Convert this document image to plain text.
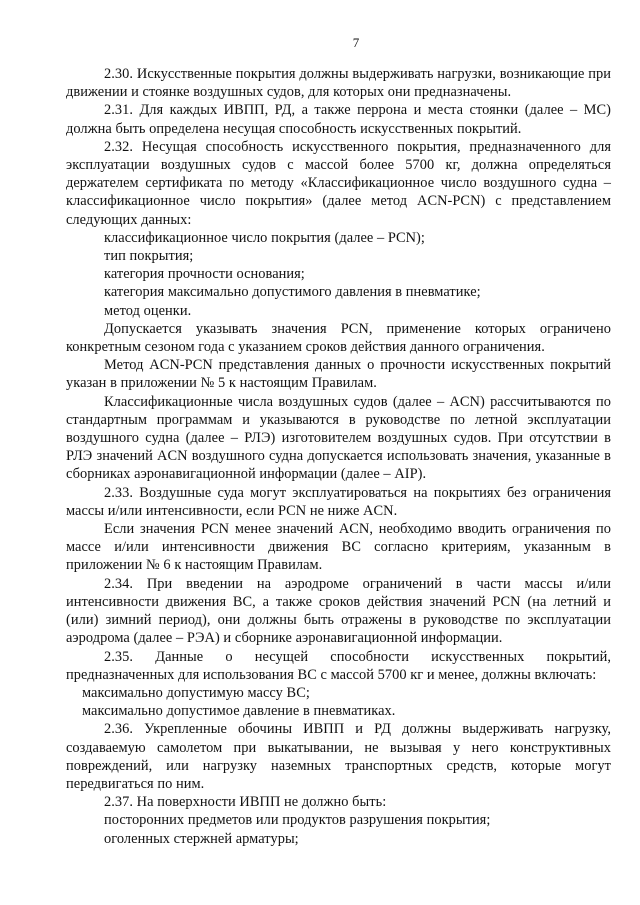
7

2.30. Искусственные покрытия должны выдерживать нагрузки, возникающие при движении и стоянке воздушных судов, для которых они предназначены.

2.31. Для каждых ИВПП, РД, а также перрона и места стоянки (далее – МС) должна быть определена несущая способность искусственных покрытий.

2.32. Несущая способность искусственного покрытия, предназначенного для эксплуатации воздушных судов с массой более 5700 кг, должна определяться держателем сертификата по методу «Классификационное число воздушного судна – классификационное число покрытия» (далее метод ACN-PCN) с представлением следующих данных:

классификационное число покрытия (далее – PCN);

тип покрытия;

категория прочности основания;

категория максимально допустимого давления в пневматике;

метод оценки.

Допускается указывать значения PCN, применение которых ограничено конкретным сезоном года с указанием сроков действия данного ограничения.

Метод ACN-PCN представления данных о прочности искусственных покрытий указан в приложении № 5 к настоящим Правилам.

Классификационные числа воздушных судов (далее – ACN) рассчитываются по стандартным программам и указываются в руководстве по летной эксплуатации воздушного судна (далее – РЛЭ) изготовителем воздушных судов. При отсутствии в РЛЭ значений ACN воздушного судна допускается использовать значения, указанные в сборниках аэронавигационной информации (далее – AIP).

2.33. Воздушные суда могут эксплуатироваться на покрытиях без ограничения массы и/или интенсивности, если PCN не ниже ACN.

Если значения PCN менее значений ACN, необходимо вводить ограничения по массе и/или интенсивности движения ВС согласно критериям, указанным в приложении № 6 к настоящим Правилам.

2.34. При введении на аэродроме ограничений в части массы и/или интенсивности движения ВС, а также сроков действия значений PCN (на летний и (или) зимний период), они должны быть отражены в руководстве по эксплуатации аэродрома (далее – РЭА) и сборнике аэронавигационной информации.

2.35. Данные о несущей способности искусственных покрытий, предназначенных для использования ВС с массой 5700 кг и менее, должны включать:

максимально допустимую массу ВС;

максимально допустимое давление в пневматиках.

2.36. Укрепленные обочины ИВПП и РД должны выдерживать нагрузку, создаваемую самолетом при выкатывании, не вызывая у него конструктивных повреждений, или нагрузку наземных транспортных средств, которые могут передвигаться по ним.

2.37. На поверхности ИВПП не должно быть:

посторонних предметов или продуктов разрушения покрытия;

оголенных стержней арматуры;
